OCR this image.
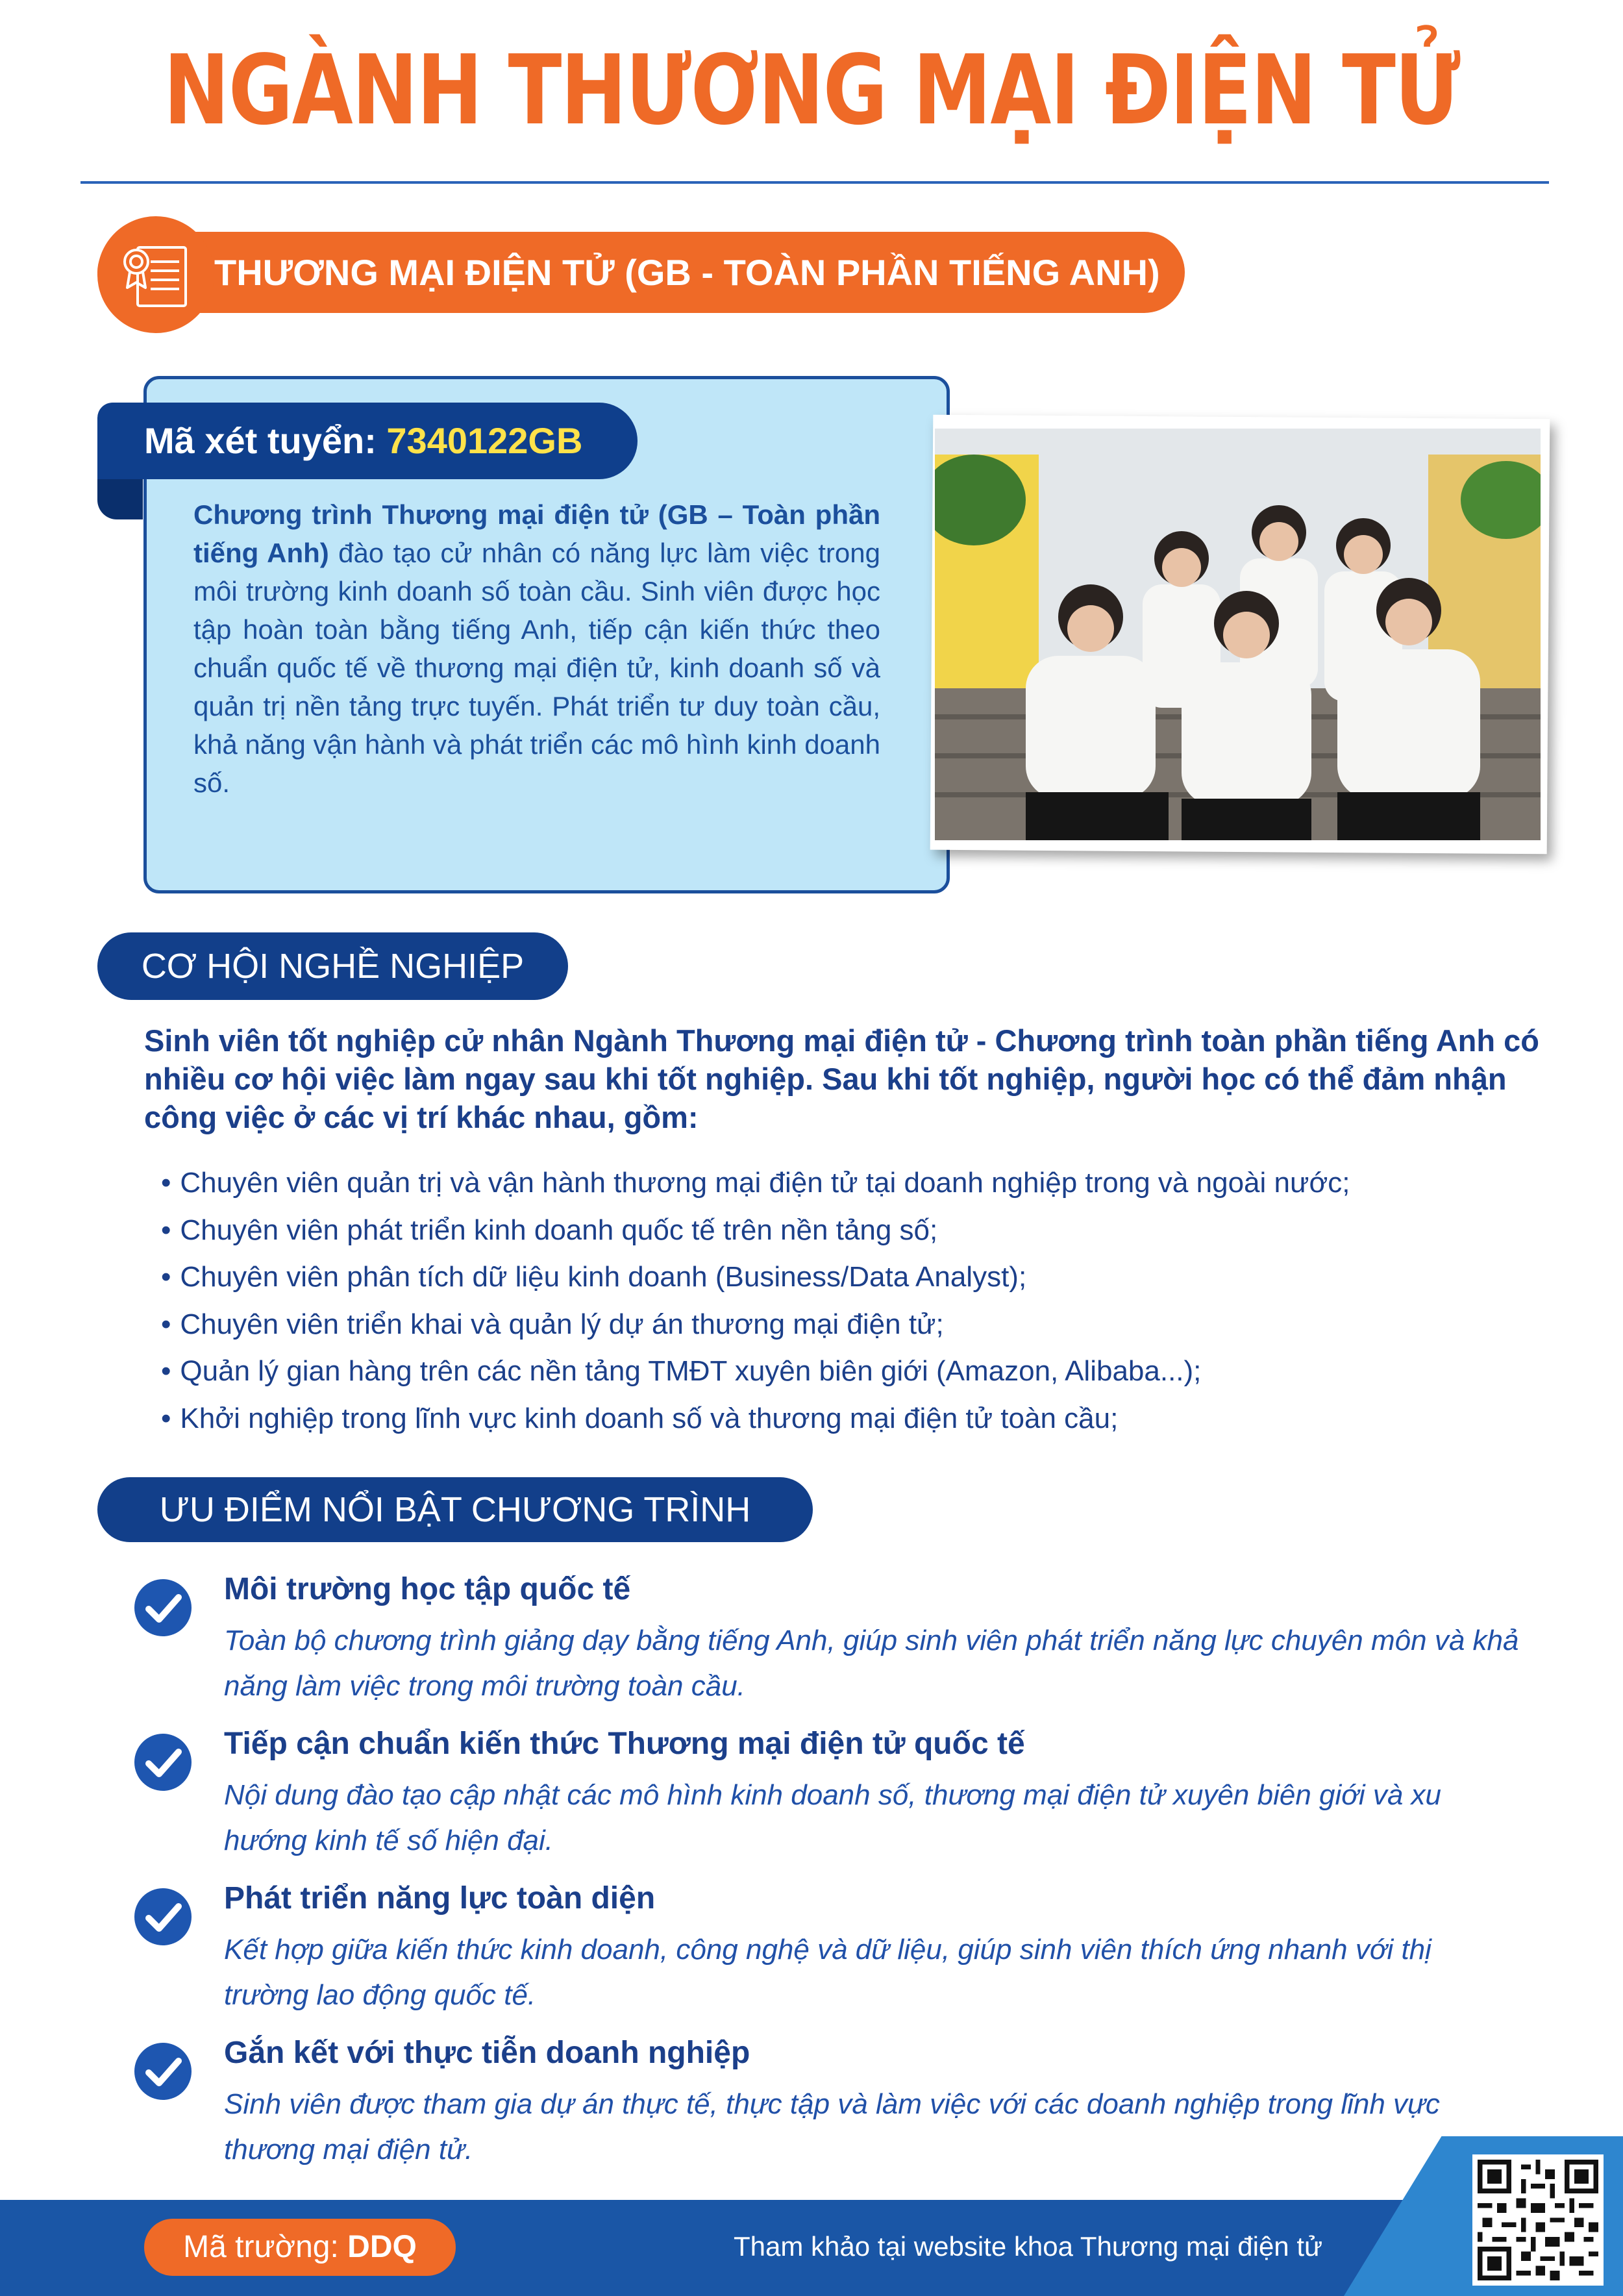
NGÀNH THƯƠNG MẠI ĐIỆN TỬ
THƯƠNG MẠI ĐIỆN TỬ (GB - TOÀN PHẦN TIẾNG ANH)
Mã xét tuyển: 7340122GB
Chương trình Thương mại điện tử (GB – Toàn phần tiếng Anh) đào tạo cử nhân có năng lực làm việc trong môi trường kinh doanh số toàn cầu. Sinh viên được học tập hoàn toàn bằng tiếng Anh, tiếp cận kiến thức theo chuẩn quốc tế về thương mại điện tử, kinh doanh số và quản trị nền tảng trực tuyến. Phát triển tư duy toàn cầu, khả năng vận hành và phát triển các mô hình kinh doanh số.
CƠ HỘI NGHỀ NGHIỆP
Sinh viên tốt nghiệp cử nhân Ngành Thương mại điện tử - Chương trình toàn phần tiếng Anh có nhiều cơ hội việc làm ngay sau khi tốt nghiệp. Sau khi tốt nghiệp, người học có thể đảm nhận công việc ở các vị trí khác nhau, gồm:
• Chuyên viên quản trị và vận hành thương mại điện tử tại doanh nghiệp trong và ngoài nước;
• Chuyên viên phát triển kinh doanh quốc tế trên nền tảng số;
• Chuyên viên phân tích dữ liệu kinh doanh (Business/Data Analyst);
• Chuyên viên triển khai và quản lý dự án thương mại điện tử;
• Quản lý gian hàng trên các nền tảng TMĐT xuyên biên giới (Amazon, Alibaba...);
• Khởi nghiệp trong lĩnh vực kinh doanh số và thương mại điện tử toàn cầu;
ƯU ĐIỂM NỔI BẬT CHƯƠNG TRÌNH
Môi trường học tập quốc tế
Toàn bộ chương trình giảng dạy bằng tiếng Anh, giúp sinh viên phát triển năng lực chuyên môn và khả năng làm việc trong môi trường toàn cầu.
Tiếp cận chuẩn kiến thức Thương mại điện tử quốc tế
Nội dung đào tạo cập nhật các mô hình kinh doanh số, thương mại điện tử xuyên biên giới và xu hướng kinh tế số hiện đại.
Phát triển năng lực toàn diện
Kết hợp giữa kiến thức kinh doanh, công nghệ và dữ liệu, giúp sinh viên thích ứng nhanh với thị trường lao động quốc tế.
Gắn kết với thực tiễn doanh nghiệp
Sinh viên được tham gia dự án thực tế, thực tập và làm việc với các doanh nghiệp trong lĩnh vực thương mại điện tử.
Mã trường: DDQ	Tham khảo tại website khoa Thương mại điện tử
